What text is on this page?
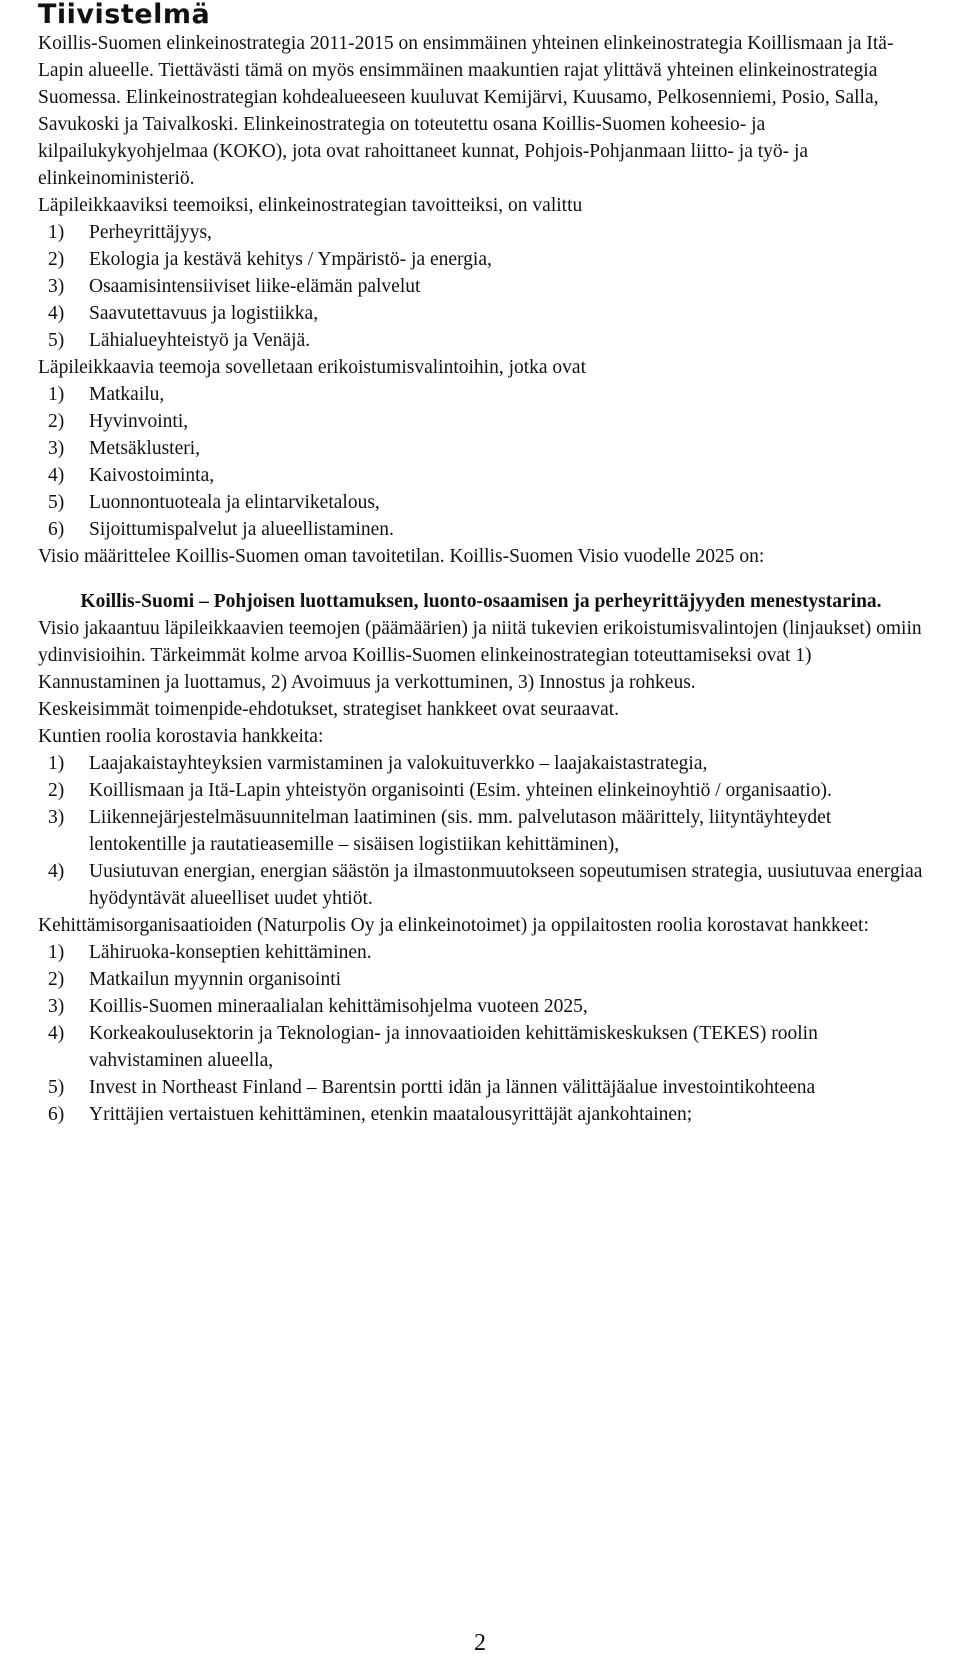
Tiivistelmä

Koillis-Suomen elinkeinostrategia 2011-2015 on ensimmäinen yhteinen elinkeinostrategia Koillismaan ja Itä-Lapin alueelle. Tiettävästi tämä on myös ensimmäinen maakuntien rajat ylittävä yhteinen elinkeinostrategia Suomessa. Elinkeinostrategian kohdealueeseen kuuluvat Kemijärvi, Kuusamo, Pelkosenniemi, Posio, Salla, Savukoski ja Taivalkoski. Elinkeinostrategia on toteutettu osana Koillis-Suomen koheesio- ja kilpailukykyohjelmaa (KOKO), jota ovat rahoittaneet kunnat, Pohjois-Pohjanmaan liitto- ja työ- ja elinkeinoministeriö.

Läpileikkaaviksi teemoiksi, elinkeinostrategian tavoitteiksi, on valittu

1)	Perheyrittäjyys,
2)	Ekologia ja kestävä kehitys / Ympäristö- ja energia,
3)	Osaamisintensiiviset liike-elämän palvelut
4)	Saavutettavuus ja logistiikka,
5)	Lähialueyhteistyö ja Venäjä.

Läpileikkaavia teemoja sovelletaan erikoistumisvalintoihin, jotka ovat

1)	Matkailu,
2)	Hyvinvointi,
3)	Metsäklusteri,
4)	Kaivostoiminta,
5)	Luonnontuoteala ja elintarviketalous,
6)	Sijoittumispalvelut ja alueellistaminen.

Visio määrittelee Koillis-Suomen oman tavoitetilan. Koillis-Suomen Visio vuodelle 2025 on:

Koillis-Suomi – Pohjoisen luottamuksen, luonto-osaamisen ja perheyrittäjyyden menestystarina.

Visio jakaantuu läpileikkaavien teemojen (päämäärien) ja niitä tukevien erikoistumisvalintojen (linjaukset) omiin ydinvisioihin. Tärkeimmät kolme arvoa Koillis-Suomen elinkeinostrategian toteuttamiseksi ovat 1) Kannustaminen ja luottamus, 2) Avoimuus ja verkottuminen, 3) Innostus ja rohkeus.

Keskeisimmät toimenpide-ehdotukset, strategiset hankkeet ovat seuraavat.

Kuntien roolia korostavia hankkeita:

1)	Laajakaistayhteyksien varmistaminen ja valokuituverkko – laajakaistastrategia,
2)	Koillismaan ja Itä-Lapin yhteistyön organisointi (Esim. yhteinen elinkeinoyhtiö / organisaatio).
3)	Liikennejärjestelmäsuunnitelman laatiminen (sis. mm. palvelutason määrittely, liityntäyhteydet lentokentille ja rautatieasemille – sisäisen logistiikan kehittäminen),
4)	Uusiutuvan energian, energian säästön ja ilmastonmuutokseen sopeutumisen strategia, uusiutuvaa energiaa hyödyntävät alueelliset uudet yhtiöt.

Kehittämisorganisaatioiden (Naturpolis Oy ja elinkeinotoimet) ja oppilaitosten roolia korostavat hankkeet:

1)	Lähiruoka-konseptien kehittäminen.
2)	Matkailun myynnin organisointi
3)	Koillis-Suomen mineraalialan kehittämisohjelma vuoteen 2025,
4)	Korkeakoulusektorin ja Teknologian- ja innovaatioiden kehittämiskeskuksen (TEKES) roolin vahvistaminen alueella,
5)	Invest in Northeast Finland – Barentsin portti idän ja lännen välittäjäalue investointikohteena
6)	Yrittäjien vertaistuen kehittäminen, etenkin maatalousyrittäjät ajankohtainen;
2
